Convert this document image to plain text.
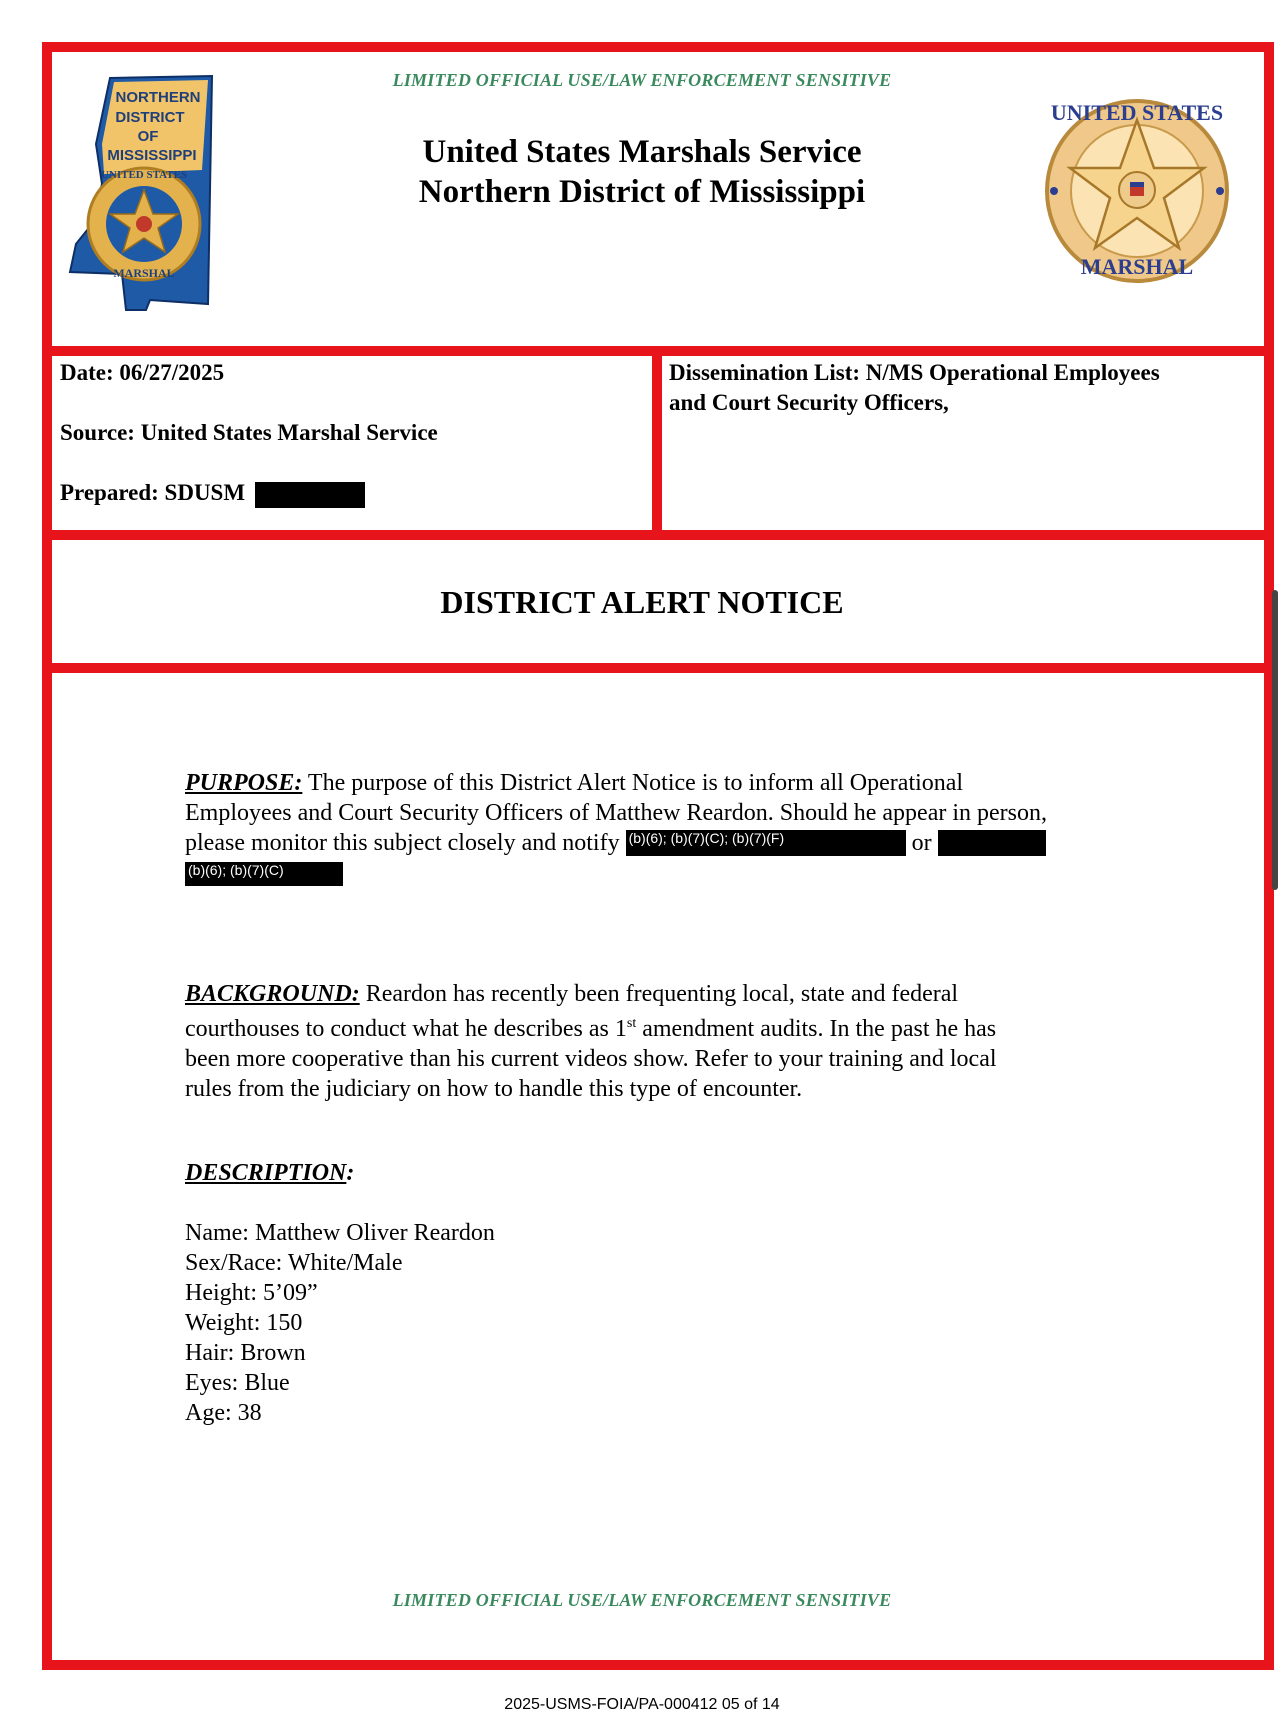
LIMITED OFFICIAL USE/LAW ENFORCEMENT SENSITIVE
United States Marshals Service
Northern District of Mississippi
NORTHERN
DISTRICT
OF
MISSISSIPPI
UNITED STATES
MARSHAL
UNITED STATES
MARSHAL
Date: 06/27/2025
Source: United States Marshal Service
Prepared: SDUSM
Dissemination List: N/MS Operational Employees
and Court Security Officers,
DISTRICT ALERT NOTICE
PURPOSE: The purpose of this District Alert Notice is to inform all Operational
Employees and Court Security Officers of Matthew Reardon. Should he appear in person,
please monitor this subject closely and notify (b)(6); (b)(7)(C); (b)(7)(F)	or
(b)(6); (b)(7)(C)
BACKGROUND: Reardon has recently been frequenting local, state and federal
courthouses to conduct what he describes as 1st amendment audits. In the past he has
been more cooperative than his current videos show. Refer to your training and local
rules from the judiciary on how to handle this type of encounter.
DESCRIPTION:
Name: Matthew Oliver Reardon
Sex/Race: White/Male
Height: 5’09”
Weight: 150
Hair: Brown
Eyes: Blue
Age: 38
LIMITED OFFICIAL USE/LAW ENFORCEMENT SENSITIVE
2025-USMS-FOIA/PA-000412 05 of 14
